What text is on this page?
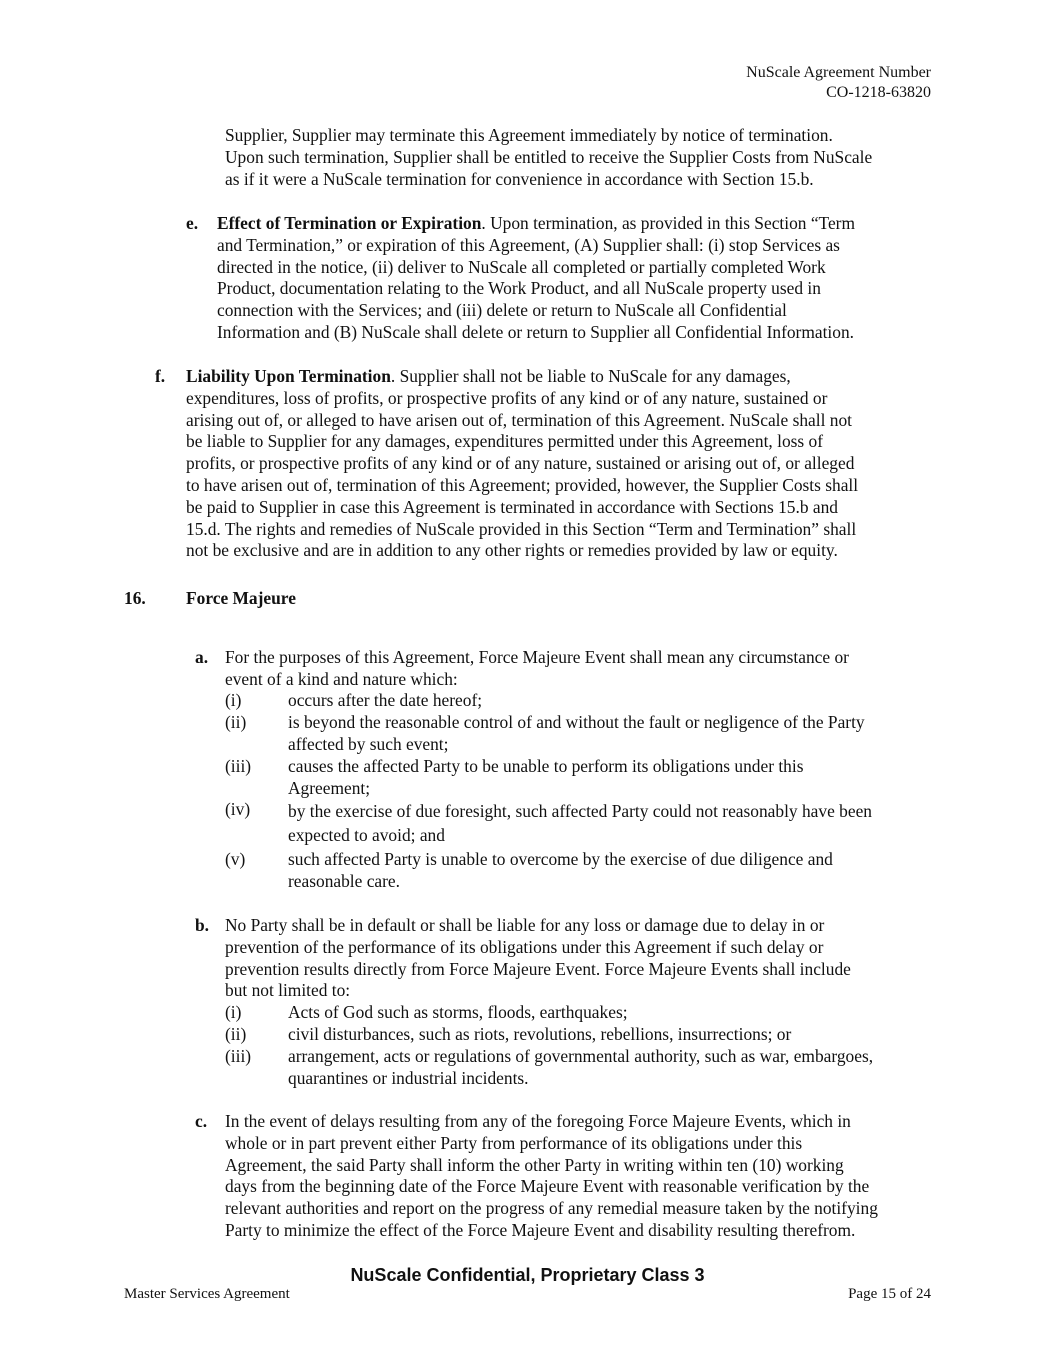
NuScale Agreement Number
CO-1218-63820
Supplier, Supplier may terminate this Agreement immediately by notice of termination.
Upon such termination, Supplier shall be entitled to receive the Supplier Costs from NuScale
as if it were a NuScale termination for convenience in accordance with Section 15.b.
e. Effect of Termination or Expiration. Upon termination, as provided in this Section “Term
and Termination,” or expiration of this Agreement, (A) Supplier shall: (i) stop Services as
directed in the notice, (ii) deliver to NuScale all completed or partially completed Work
Product, documentation relating to the Work Product, and all NuScale property used in
connection with the Services; and (iii) delete or return to NuScale all Confidential
Information and (B) NuScale shall delete or return to Supplier all Confidential Information.
f. Liability Upon Termination. Supplier shall not be liable to NuScale for any damages,
expenditures, loss of profits, or prospective profits of any kind or of any nature, sustained or
arising out of, or alleged to have arisen out of, termination of this Agreement. NuScale shall not
be liable to Supplier for any damages, expenditures permitted under this Agreement, loss of
profits, or prospective profits of any kind or of any nature, sustained or arising out of, or alleged
to have arisen out of, termination of this Agreement; provided, however, the Supplier Costs shall
be paid to Supplier in case this Agreement is terminated in accordance with Sections 15.b and
15.d. The rights and remedies of NuScale provided in this Section “Term and Termination” shall
not be exclusive and are in addition to any other rights or remedies provided by law or equity.
16. Force Majeure
a. For the purposes of this Agreement, Force Majeure Event shall mean any circumstance or
event of a kind and nature which:
(i)	occurs after the date hereof;
(ii) is beyond the reasonable control of and without the fault or negligence of the Party
affected by such event;
(iii) causes the affected Party to be unable to perform its obligations under this
Agreement;
(iv) by the exercise of due foresight, such affected Party could not reasonably have been
expected to avoid; and
(v) such affected Party is unable to overcome by the exercise of due diligence and
reasonable care.
b. No Party shall be in default or shall be liable for any loss or damage due to delay in or
prevention of the performance of its obligations under this Agreement if such delay or
prevention results directly from Force Majeure Event. Force Majeure Events shall include
but not limited to:
(i)	Acts of God such as storms, floods, earthquakes;
(ii) civil disturbances, such as riots, revolutions, rebellions, insurrections; or
(iii) arrangement, acts or regulations of governmental authority, such as war, embargoes,
quarantines or industrial incidents.
c. In the event of delays resulting from any of the foregoing Force Majeure Events, which in
whole or in part prevent either Party from performance of its obligations under this
Agreement, the said Party shall inform the other Party in writing within ten (10) working
days from the beginning date of the Force Majeure Event with reasonable verification by the
relevant authorities and report on the progress of any remedial measure taken by the notifying
Party to minimize the effect of the Force Majeure Event and disability resulting therefrom.
NuScale Confidential, Proprietary Class 3
Master Services Agreement	Page 15 of 24
